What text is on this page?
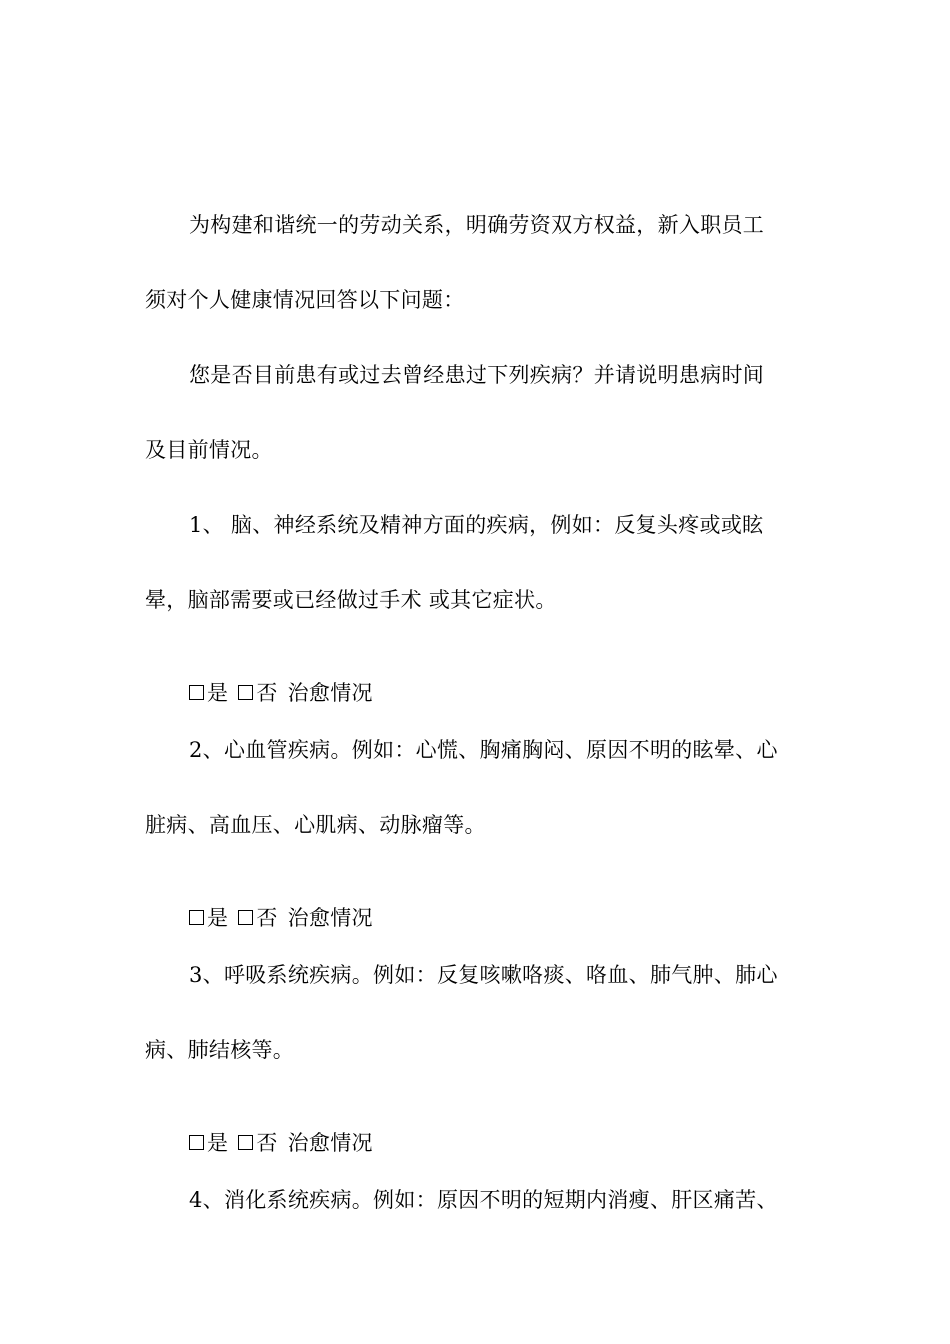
为构建和谐统一的劳动关系，明确劳资双方权益，新入职员工
须对个人健康情况回答以下问题：
您是否目前患有或过去曾经患过下列疾病？并请说明患病时间
及目前情况。
1、 脑、神经系统及精神方面的疾病，例如：反复头疼或或眩
晕，脑部需要或已经做过手术 或其它症状。
是 否 治愈情况
2、心血管疾病。例如：心慌、胸痛胸闷、原因不明的眩晕、心
脏病、高血压、心肌病、动脉瘤等。
是 否 治愈情况
3、呼吸系统疾病。例如：反复咳嗽咯痰、咯血、肺气肿、肺心
病、肺结核等。
是 否 治愈情况
4、消化系统疾病。例如：原因不明的短期内消瘦、肝区痛苦、
